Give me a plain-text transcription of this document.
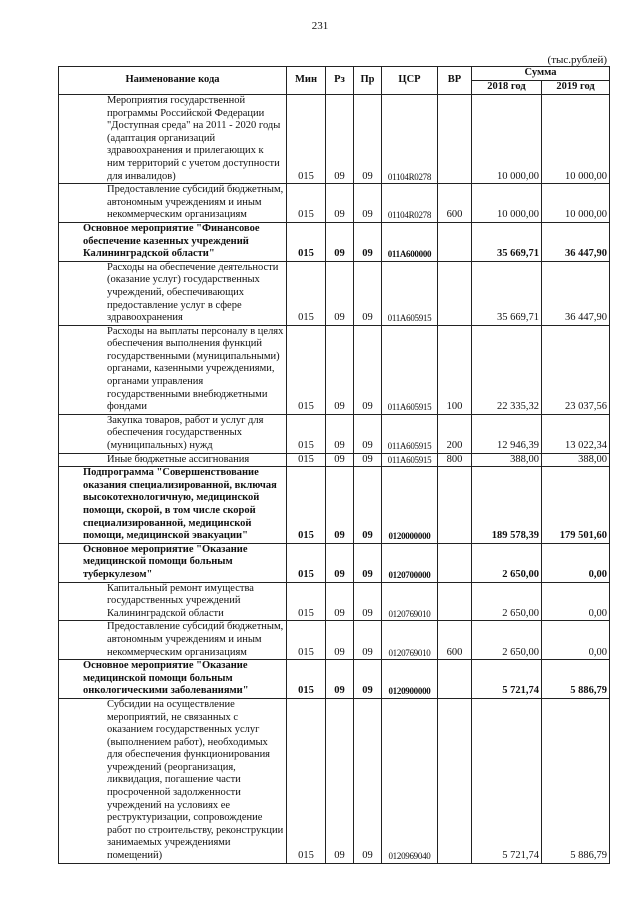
231
(тыс.рублей)
Наименование кода	Мин	Рз	Пр	ЦСР	ВР	Сумма	
						2018 год	2019 год
Мероприятия государственной программы Российской Федерации "Доступная среда" на 2011 - 2020 годы (адаптация организаций здравоохранения и прилегающих к ним территорий с учетом доступности для инвалидов)	015	09	09	01104R0278		10 000,00	10 000,00
Предоставление субсидий бюджетным, автономным учреждениям и иным некоммерческим организациям	015	09	09	01104R0278	600	10 000,00	10 000,00
Основное мероприятие "Финансовое обеспечение казенных учреждений Калининградской области"	015	09	09	011А600000		35 669,71	36 447,90
Расходы на обеспечение деятельности (оказание услуг) государственных учреждений, обеспечивающих предоставление услуг в сфере здравоохранения	015	09	09	011А605915		35 669,71	36 447,90
Расходы на выплаты персоналу в целях обеспечения выполнения функций государственными (муниципальными) органами, казенными учреждениями, органами управления государственными внебюджетными фондами	015	09	09	011А605915	100	22 335,32	23 037,56
Закупка товаров, работ и услуг для обеспечения государственных (муниципальных) нужд	015	09	09	011А605915	200	12 946,39	13 022,34
Иные бюджетные ассигнования	015	09	09	011А605915	800	388,00	388,00
Подпрограмма "Совершенствование оказания специализированной, включая высокотехнологичную, медицинской помощи, скорой, в том числе скорой специализированной, медицинской помощи, медицинской эвакуации"	015	09	09	0120000000		189 578,39	179 501,60
Основное мероприятие "Оказание медицинской помощи больным туберкулезом"	015	09	09	0120700000		2 650,00	0,00
Капитальный ремонт имущества государственных учреждений Калининградской области	015	09	09	0120769010		2 650,00	0,00
Предоставление субсидий бюджетным, автономным учреждениям и иным некоммерческим организациям	015	09	09	0120769010	600	2 650,00	0,00
Основное мероприятие "Оказание медицинской помощи больным онкологическими заболеваниями"	015	09	09	0120900000		5 721,74	5 886,79
Субсидии на осуществление мероприятий, не связанных с оказанием государственных услуг (выполнением работ), необходимых для обеспечения функционирования учреждений (реорганизация, ликвидация, погашение части просроченной задолженности учреждений на условиях ее реструктуризации, сопровождение работ по строительству, реконструкции занимаемых учреждениями помещений)	015	09	09	0120969040		5 721,74	5 886,79
